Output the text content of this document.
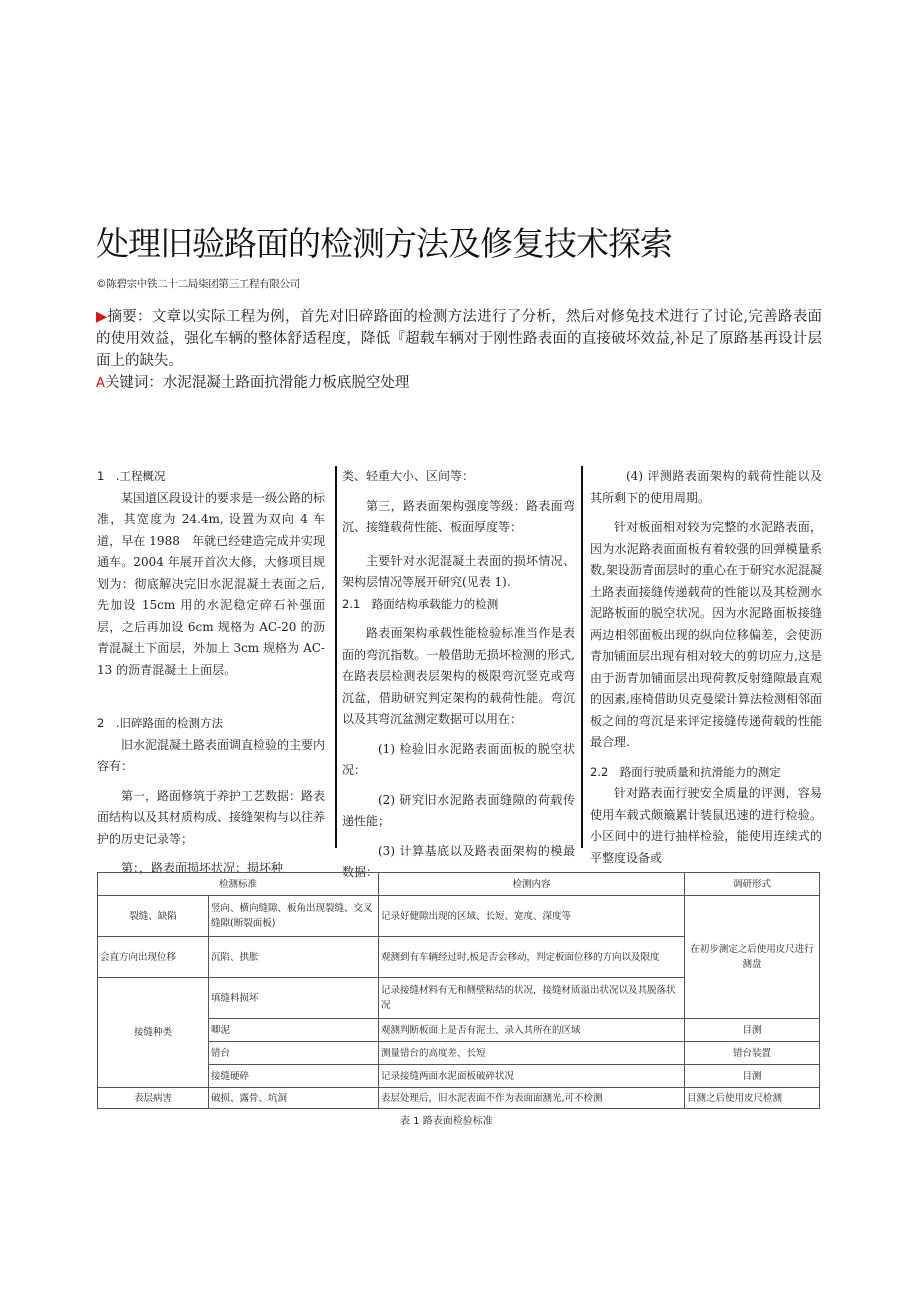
处理旧验路面的检测方法及修复技术探索
©陈碧宗中铁二十二局柒团第三工程有限公司
▶摘要：文章以实际工程为例，首先对旧碎路面的检测方法进行了分析，然后对修兔技术进行了讨论,完善路表面的使用效益，强化车辆的整体舒适程度，降低『超载车辆对于刚性路表面的直接破坏效益,补足了原路基再设计层面上的缺失。
A关键词：水泥混凝土路面抗滑能力板底脱空处理

1　.工程概况

某国道区段设计的要求是一级公路的标准，其宽度为 24.4m, 设置为双向 4 车道，早在 1988　年就已经建造完成并实现通车。2004 年展开首次大修，大修项目规划为：彻底解决完旧水泥混凝土表面之后,先加设 15cm 用的水泥稳定碎石补强面层，之后再加设 6cm 规格为 AC-20 的沥青混凝土下面层，外加上 3cm 规格为 AC-13 的沥青混凝土上面层。

2　.旧碎路面的检测方法

旧水泥混凝土路表面调直检验的主要内容有：

第一，路面修筑于养护工艺数据：路表面结构以及其材质构成、接缝架构与以往养护的历史记录等；

第：，路表面损坏状况：损坏种

类、轻重大小、区间等：

第三，路表面架构强度等级：路表面弯沉、接缝载荷性能、板面厚度等：

主要针对水泥混凝土表面的损坏情况、架构层情况等展开研究(见表 1).

2.1　路面结构承载能力的检测

路表面架构承载性能检验标准当作是表面的弯沉指数。一般借助无损坏检测的形式,在路表层检测表层架构的极限弯沉竖克或弯沉盆，借助研究判定架构的载荷性能。弯沉以及其弯沉盆测定数据可以用在：

(1) 检验旧水泥路表面面板的脱空状况：

(2) 研究旧水泥路表面缝隙的荷载传递性能；

(3) 计算基底以及路表面架构的模最数据：

(4) 评测路表面架构的载荷性能以及其所剩下的使用周期。

针对板面相对较为完整的水泥路表面，因为水泥路表面面板有着较强的回弹模量系数,架设沥青面层时的重心在于研究水泥混凝土路表面接缝传递载荷的性能以及其检测水泥路板面的脱空状况。因为水泥路面板接缝两边相邻面板出现的纵向位移偏差，会使沥青加铺面层出现有相对较大的剪切应力,这是由于沥青加铺面层出现荷教反射缝隙最直观的因素,座椅借助贝克曼梁计算法检测相邻面板之间的弯沉是来评定接缝传递荷载的性能最合理.

2.2　路面行驶质量和抗滑能力的测定

针对路表面行驶安全质量的评测，容易使用车载式颇簸累计装鼠迅速的进行检验。小区间中的进行抽样检验，能使用连续式的平整度设备或

检测标准		检测内容	调研形式
裂缝、缺陷	竖向、横向缝隙、板角出现裂缝、交叉缝隙(断裂面板)	记录好健隙出现的区域、长短、宽度、深度等	在初步测定之后使用皮尺进行测盘
会直方向出现位移	沉陷、拱胀	观测到有车辆经过时,板是否会移动，判定板面位移的方向以及限度	
接缝种类	填缝料损坏	记录接缝材料有无和侧壁粘结的状况，接缝材质溢出状况以及其脱落状况	
	唧泥	观测判断板面上是否有泥土、录入其所在的区域	目测
	错台	测量错台的高度差、长短	错台装置
	接缝硬碎	记录接缝两面水泥面板破碎状况	目测
表层病害	破损、露骨、坑洞	表层处理后，旧水泥表面不作为表面面测光,可不检测	目测之后使用皮尺检测
表 1 路表面检验标准
